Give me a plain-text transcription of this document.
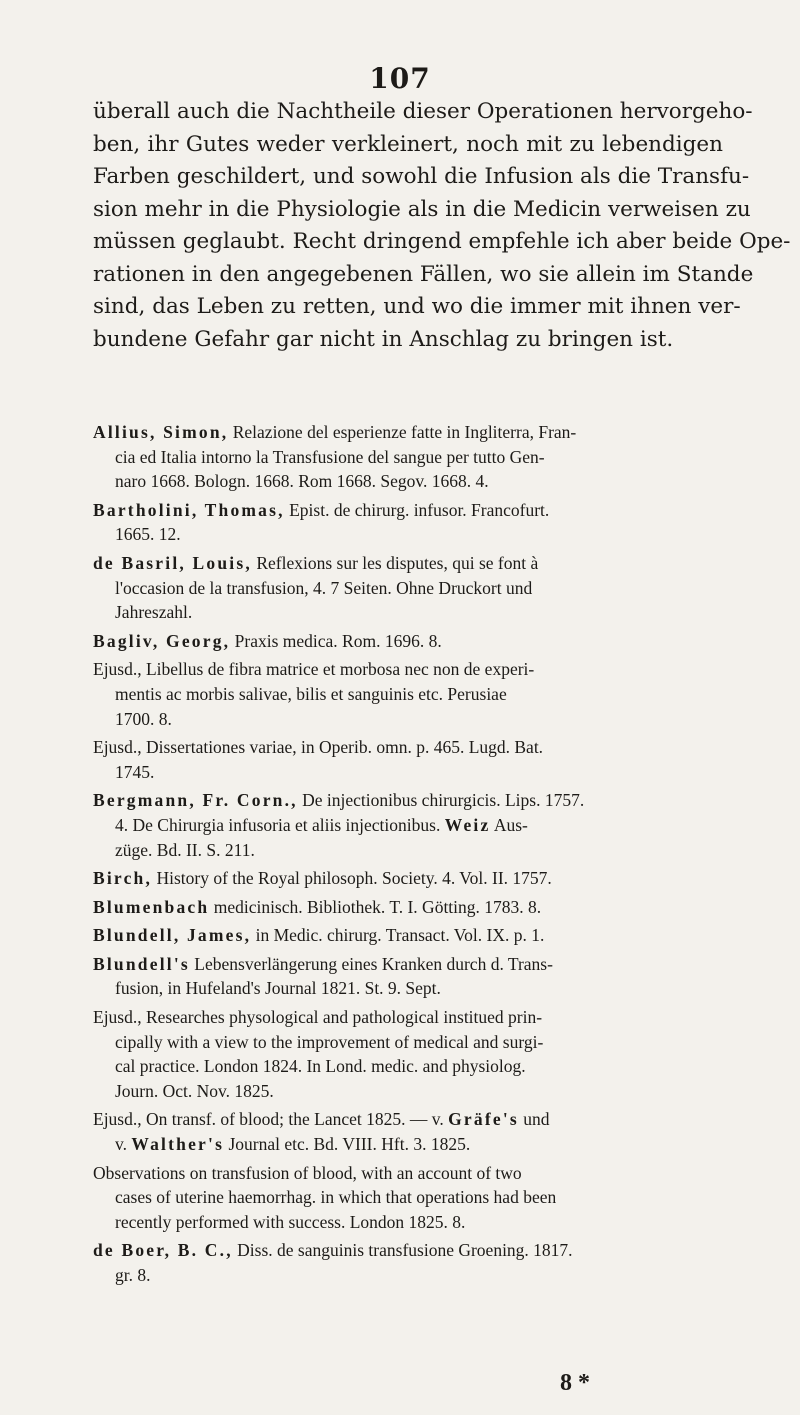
107
überall auch die Nachtheile dieser Operationen hervorgeho-
ben, ihr Gutes weder verkleinert, noch mit zu lebendigen
Farben geschildert, und sowohl die Infusion als die Transfu-
sion mehr in die Physiologie als in die Medicin verweisen zu
müssen geglaubt. Recht dringend empfehle ich aber beide Ope-
rationen in den angegebenen Fällen, wo sie allein im Stande
sind, das Leben zu retten, und wo die immer mit ihnen ver-
bundene Gefahr gar nicht in Anschlag zu bringen ist.
Allius, Simon, Relazione del esperienze fatte in Ingliterra, Fran-
cia ed Italia intorno la Transfusione del sangue per tutto Gen-
naro 1668. Bologn. 1668. Rom 1668. Segov. 1668. 4.
Bartholini, Thomas, Epist. de chirurg. infusor. Francofurt.
1665. 12.
de Basril, Louis, Reflexions sur les disputes, qui se font à
l'occasion de la transfusion, 4. 7 Seiten. Ohne Druckort und
Jahreszahl.
Bagliv, Georg, Praxis medica. Rom. 1696. 8.
Ejusd., Libellus de fibra matrice et morbosa nec non de experi-
mentis ac morbis salivae, bilis et sanguinis etc. Perusiae
1700. 8.
Ejusd., Dissertationes variae, in Operib. omn. p. 465. Lugd. Bat.
1745.
Bergmann, Fr. Corn., De injectionibus chirurgicis. Lips. 1757.
4. De Chirurgia infusoria et aliis injectionibus. Weiz Aus-
züge. Bd. II. S. 211.
Birch, History of the Royal philosoph. Society. 4. Vol. II. 1757.
Blumenbach medicinisch. Bibliothek. T. I. Götting. 1783. 8.
Blundell, James, in Medic. chirurg. Transact. Vol. IX. p. 1.
Blundell's Lebensverlängerung eines Kranken durch d. Trans-
fusion, in Hufeland's Journal 1821. St. 9. Sept.
Ejusd., Researches physological and pathological institued prin-
cipally with a view to the improvement of medical and surgi-
cal practice. London 1824. In Lond. medic. and physiolog.
Journ. Oct. Nov. 1825.
Ejusd., On transf. of blood; the Lancet 1825. — v. Gräfe's und
v. Walther's Journal etc. Bd. VIII. Hft. 3. 1825.
Observations on transfusion of blood, with an account of two
cases of uterine haemorrhag. in which that operations had been
recently performed with success. London 1825. 8.
de Boer, B. C., Diss. de sanguinis transfusione Groening. 1817.
gr. 8.
8 *
